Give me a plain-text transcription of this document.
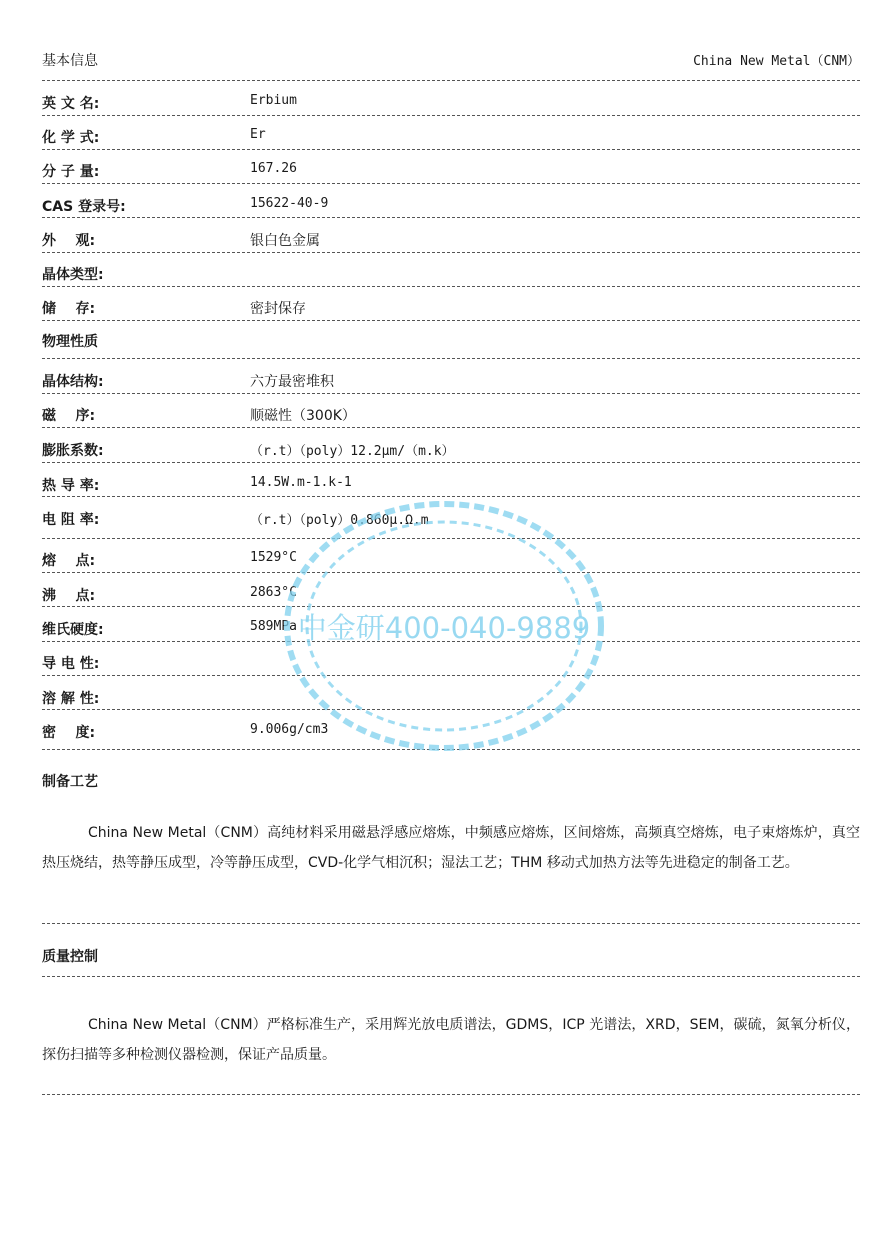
基本信息	China New Metal（CNM）
英 文 名:	Erbium
化 学 式:	Er
分 子 量:	167.26
CAS 登录号:	15622-40-9
外    观:	银白色金属
晶体类型:
储    存:	密封保存
物理性质
晶体结构:	六方最密堆积
磁    序:	顺磁性（300K）
膨胀系数:	（r.t）（poly）12.2μm/（m.k）
热 导 率:	14.5W.m-1.k-1
电 阻 率:	（r.t）（poly）0.860μ.Ω.m
熔    点:	1529°C
沸    点:	2863°C
维氏硬度:	589MPa
导 电 性:
溶 解 性:
密    度:	9.006g/cm3
制备工艺
China New Metal（CNM）高纯材料采用磁悬浮感应熔炼，中频感应熔炼，区间熔炼，高频真空熔炼，电子束熔炼炉，真空热压烧结，热等静压成型，冷等静压成型，CVD-化学气相沉积；湿法工艺；THM 移动式加热方法等先进稳定的制备工艺。
质量控制
China New Metal（CNM）严格标准生产，采用辉光放电质谱法，GDMS，ICP 光谱法，XRD，SEM，碳硫，氮氧分析仪，探伤扫描等多种检测仪器检测，保证产品质量。
中金研400-040-9889
